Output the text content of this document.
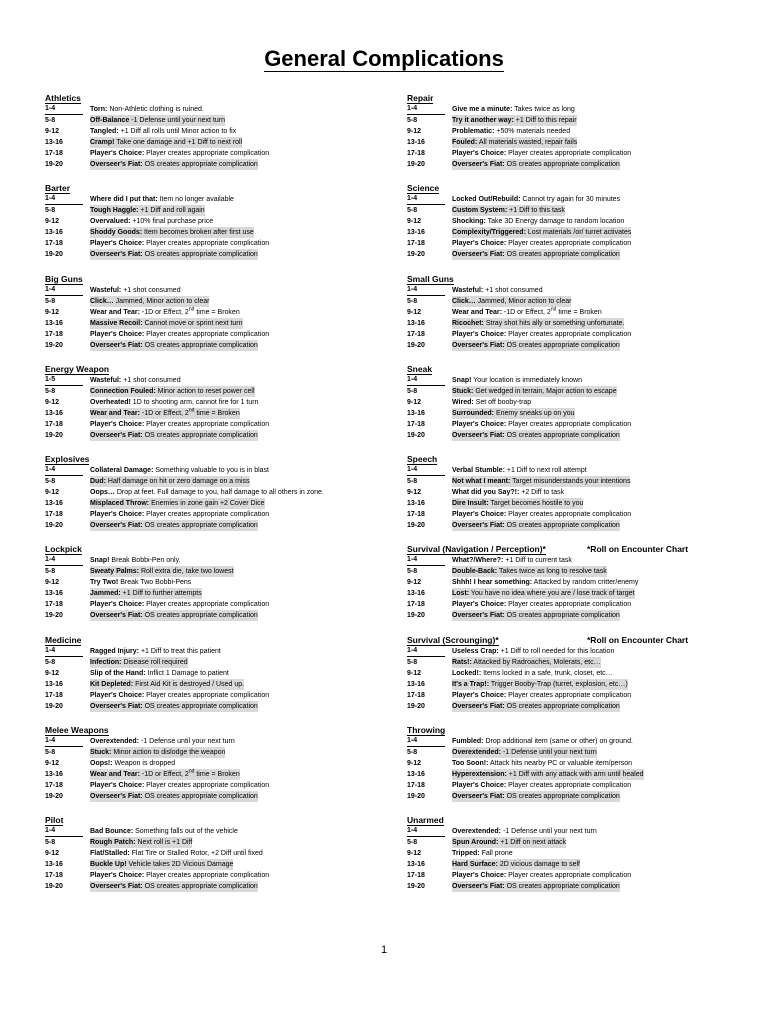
General Complications
Athletics
1-4	Torn: Non-Athletic clothing is ruined.
5-8	Off-Balance -1 Defense until your next turn
9-12	Tangled: +1 Diff all rolls until Minor action to fix
13-16	Cramp! Take one damage and +1 Diff to next roll
17-18	Player's Choice: Player creates appropriate complication
19-20	Overseer's Fiat: OS creates appropriate complication
Barter
1-4	Where did I put that: Item no longer available
5-8	Tough Haggle: +1 Diff and roll again
9-12	Overvalued: +10% final purchase price
13-16	Shoddy Goods: Item becomes broken after first use
17-18	Player's Choice: Player creates appropriate complication
19-20	Overseer's Fiat: OS creates appropriate complication
Big Guns
1-4	Wasteful: +1 shot consumed
5-8	Click… Jammed, Minor action to clear
9-12	Wear and Tear: -1D or Effect, 2nd time = Broken
13-16	Massive Recoil: Cannot move or sprint next turn
17-18	Player's Choice: Player creates appropriate complication
19-20	Overseer's Fiat: OS creates appropriate complication
Energy Weapon
1-5	Wasteful: +1 shot consumed
5-8	Connection Fouled: Minor action to reset power cell
9-12	Overheated! 1D to shooting arm, cannot fire for 1 turn
13-16	Wear and Tear: -1D or Effect, 2nd time = Broken
17-18	Player's Choice: Player creates appropriate complication
19-20	Overseer's Fiat: OS creates appropriate complication
Explosives
1-4	Collateral Damage: Something valuable to you is in blast
5-8	Dud: Half damage on hit or zero damage on a miss
9-12	Oops… Drop at feet. Full damage to you, half damage to all others in zone.
13-16	Misplaced Throw: Enemies in zone gain +2 Cover Dice
17-18	Player's Choice: Player creates appropriate complication
19-20	Overseer's Fiat: OS creates appropriate complication
Lockpick
1-4	Snap! Break Bobbi-Pen only.
5-8	Sweaty Palms: Roll extra die, take two lowest
9-12	Try Two! Break Two Bobbi-Pens
13-16	Jammed: +1 Diff to further attempts
17-18	Player's Choice: Player creates appropriate complication
19-20	Overseer's Fiat: OS creates appropriate complication
Medicine
1-4	Ragged Injury: +1 Diff to treat this patient
5-8	Infection: Disease roll required
9-12	Slip of the Hand: Inflict 1 Damage to patient
13-16	Kit Depleted: First Aid Kit is destroyed / Used up.
17-18	Player's Choice: Player creates appropriate complication
19-20	Overseer's Fiat: OS creates appropriate complication
Melee Weapons
1-4	Overextended: -1 Defense until your next turn
5-8	Stuck: Minor action to dislodge the weapon
9-12	Oops!: Weapon is dropped
13-16	Wear and Tear: -1D or Effect, 2nd time = Broken
17-18	Player's Choice: Player creates appropriate complication
19-20	Overseer's Fiat: OS creates appropriate complication
Pilot
1-4	Bad Bounce: Something falls out of the vehicle
5-8	Rough Patch: Next roll is +1 Diff
9-12	Flat/Stalled: Flat Tire or Stalled Rotor, +2 Diff until fixed
13-16	Buckle Up! Vehicle takes 2D Vicious Damage
17-18	Player's Choice: Player creates appropriate complication
19-20	Overseer's Fiat: OS creates appropriate complication
Repair
1-4	Give me a minute: Takes twice as long
5-8	Try it another way: +1 Diff to this repair
9-12	Problematic: +50% materials needed
13-16	Fouled: All materials wasted, repair fails
17-18	Player's Choice: Player creates appropriate complication
19-20	Overseer's Fiat: OS creates appropriate complication
Science
1-4	Locked Out/Rebuild: Cannot try again for 30 minutes
5-8	Custom System: +1 Diff to this task
9-12	Shocking: Take 3D Energy damage to random location
13-16	Complexity/Triggered: Lost materials /or/ turret activates
17-18	Player's Choice: Player creates appropriate complication
19-20	Overseer's Fiat: OS creates appropriate complication
Small Guns
1-4	Wasteful: +1 shot consumed
5-8	Click… Jammed, Minor action to clear
9-12	Wear and Tear: -1D or Effect, 2nd time = Broken
13-16	Ricochet: Stray shot hits ally or something unfortunate.
17-18	Player's Choice: Player creates appropriate complication
19-20	Overseer's Fiat: OS creates appropriate complication
Sneak
1-4	Snap! Your location is immediately known
5-8	Stuck: Get wedged in terrain, Major action to escape
9-12	Wired: Set off booby-trap
13-16	Surrounded: Enemy sneaks up on you
17-18	Player's Choice: Player creates appropriate complication
19-20	Overseer's Fiat: OS creates appropriate complication
Speech
1-4	Verbal Stumble: +1 Diff to next roll attempt
5-8	Not what I meant: Target misunderstands your intentions
9-12	What did you Say?!: +2 Diff to task
13-16	Dire Insult: Target becomes hostile to you
17-18	Player's Choice: Player creates appropriate complication
19-20	Overseer's Fiat: OS creates appropriate complication
Survival (Navigation / Perception)*	*Roll on Encounter Chart
1-4	What?/Where?: +1 Diff to current task
5-8	Double-Back: Takes twice as long to resolve task
9-12	Shhh! I hear something: Attacked by random critter/enemy
13-16	Lost: You have no idea where you are / lose track of target
17-18	Player's Choice: Player creates appropriate complication
19-20	Overseer's Fiat: OS creates appropriate complication
Survival (Scrounging)*	*Roll on Encounter Chart
1-4	Useless Crap: +1 Diff to roll needed for this location
5-8	Rats!: Attacked by Radroaches, Molerats, etc…
9-12	Locked!: Items locked in a safe, trunk, closet, etc…
13-16	It's a Trap!: Trigger Booby-Trap (turret, explosion, etc…)
17-18	Player's Choice: Player creates appropriate complication
19-20	Overseer's Fiat: OS creates appropriate complication
Throwing
1-4	Fumbled: Drop additional item (same or other) on ground.
5-8	Overextended: -1 Defense until your next turn
9-12	Too Soon!: Attack hits nearby PC or valuable item/person
13-16	Hyperextension: +1 Diff with any attack with arm until healed
17-18	Player's Choice: Player creates appropriate complication
19-20	Overseer's Fiat: OS creates appropriate complication
Unarmed
1-4	Overextended: -1 Defense until your next turn
5-8	Spun Around: +1 Diff on next attack
9-12	Tripped: Fall prone
13-16	Hard Surface: 2D vicious damage to self
17-18	Player's Choice: Player creates appropriate complication
19-20	Overseer's Fiat: OS creates appropriate complication
1
